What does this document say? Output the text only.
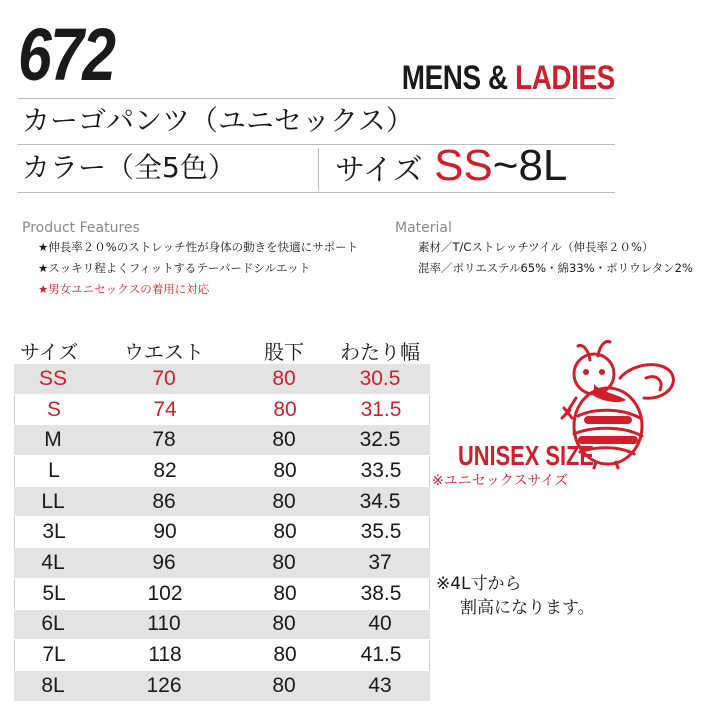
672	MENS & LADIES
カーゴパンツ（ユニセックス）
カラー（全5色）	サイズ SS~8L
Product Features
★伸長率２０%のストレッチ性が身体の動きを快適にサポート
★スッキリ程よくフィットするテーパードシルエット
★男女ユニセックスの着用に対応
Material
素材／T/Cストレッチツイル（伸長率２０%）
混率／ポリエステル65%・綿33%・ポリウレタン2%
サイズ	ウエスト	股下	わたり幅
SS	70	80	30.5
S	74	80	31.5
M	78	80	32.5
L	82	80	33.5
LL	86	80	34.5
3L	90	80	35.5
4L	96	80	37
5L	102	80	38.5
6L	110	80	40
7L	118	80	41.5
8L	126	80	43
UNISEX SIZE
※ユニセックスサイズ
※4L寸から
割高になります。
